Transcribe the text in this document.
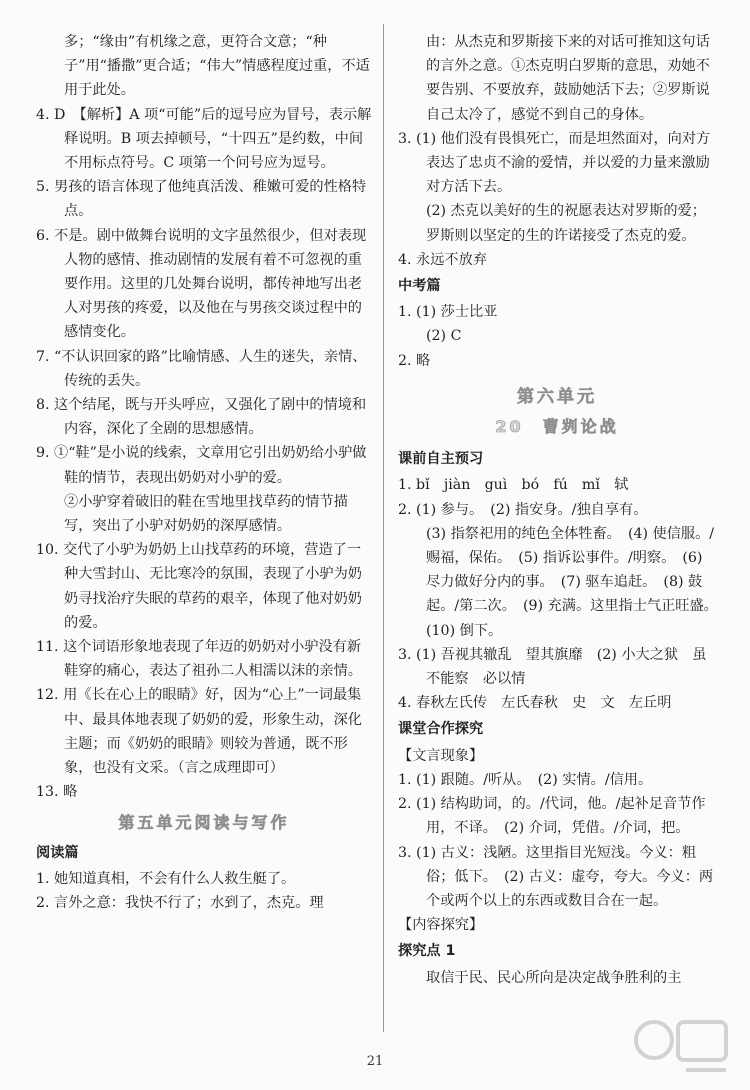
多；“缘由”有机缘之意，更符合文意；“种子”用“播撒”更合适；“伟大”情感程度过重，不适用于此处。

4. D　【解析】A 项“可能”后的逗号应为冒号，表示解释说明。B 项去掉顿号，“十四五”是约数，中间不用标点符号。C 项第一个问号应为逗号。

5. 男孩的语言体现了他纯真活泼、稚嫩可爱的性格特点。

6. 不是。剧中做舞台说明的文字虽然很少，但对表现人物的感情、推动剧情的发展有着不可忽视的重要作用。这里的几处舞台说明，都传神地写出老人对男孩的疼爱，以及他在与男孩交谈过程中的感情变化。

7. “不认识回家的路”比喻情感、人生的迷失，亲情、传统的丢失。

8. 这个结尾，既与开头呼应，又强化了剧中的情境和内容，深化了全剧的思想感情。

9. ①“鞋”是小说的线索，文章用它引出奶奶给小驴做鞋的情节，表现出奶奶对小驴的爱。

②小驴穿着破旧的鞋在雪地里找草药的情节描写，突出了小驴对奶奶的深厚感情。

10. 交代了小驴为奶奶上山找草药的环境，营造了一种大雪封山、无比寒冷的氛围，表现了小驴为奶奶寻找治疗失眠的草药的艰辛，体现了他对奶奶的爱。

11. 这个词语形象地表现了年迈的奶奶对小驴没有新鞋穿的痛心，表达了祖孙二人相濡以沫的亲情。

12. 用《长在心上的眼睛》好，因为“心上”一词最集中、最具体地表现了奶奶的爱，形象生动，深化主题；而《奶奶的眼睛》则较为普通，既不形象，也没有文采。（言之成理即可）

13. 略

第五单元阅读与写作

阅读篇

1. 她知道真相，不会有什么人救生艇了。

2. 言外之意：我快不行了；水到了，杰克。理

由：从杰克和罗斯接下来的对话可推知这句话的言外之意。①杰克明白罗斯的意思，劝她不要告别、不要放弃，鼓励她活下去；②罗斯说自己太冷了，感觉不到自己的身体。

3. (1) 他们没有畏惧死亡，而是坦然面对，向对方表达了忠贞不渝的爱情，并以爱的力量来激励对方活下去。

(2) 杰克以美好的生的祝愿表达对罗斯的爱；罗斯则以坚定的生的许诺接受了杰克的爱。

4. 永远不放弃

中考篇

1. (1) 莎士比亚

(2) C

2. 略

第六单元

20　曹刿论战

课前自主预习

1. bǐ　jiàn　guì　bó　fú　mǐ　轼

2. (1) 参与。　(2) 指安身。/独自享有。

(3) 指祭祀用的纯色全体牲畜。　(4) 使信服。/赐福，保佑。　(5) 指诉讼事件。/明察。　(6) 尽力做好分内的事。　(7) 驱车追赶。　(8) 鼓起。/第二次。　(9) 充满。这里指士气正旺盛。　(10) 倒下。

3. (1) 吾视其辙乱　望其旗靡　(2) 小大之狱　虽不能察　必以情

4. 春秋左氏传　左氏春秋　史　文　左丘明

课堂合作探究

【文言现象】

1. (1) 跟随。/听从。　(2) 实情。/信用。

2. (1) 结构助词，的。/代词，他。/起补足音节作用，不译。　(2) 介词，凭借。/介词，把。

3. (1) 古义：浅陋。这里指目光短浅。今义：粗俗；低下。　(2) 古义：虚夸，夸大。今义：两个或两个以上的东西或数目合在一起。

【内容探究】

探究点 1

取信于民、民心所向是决定战争胜利的主

21
